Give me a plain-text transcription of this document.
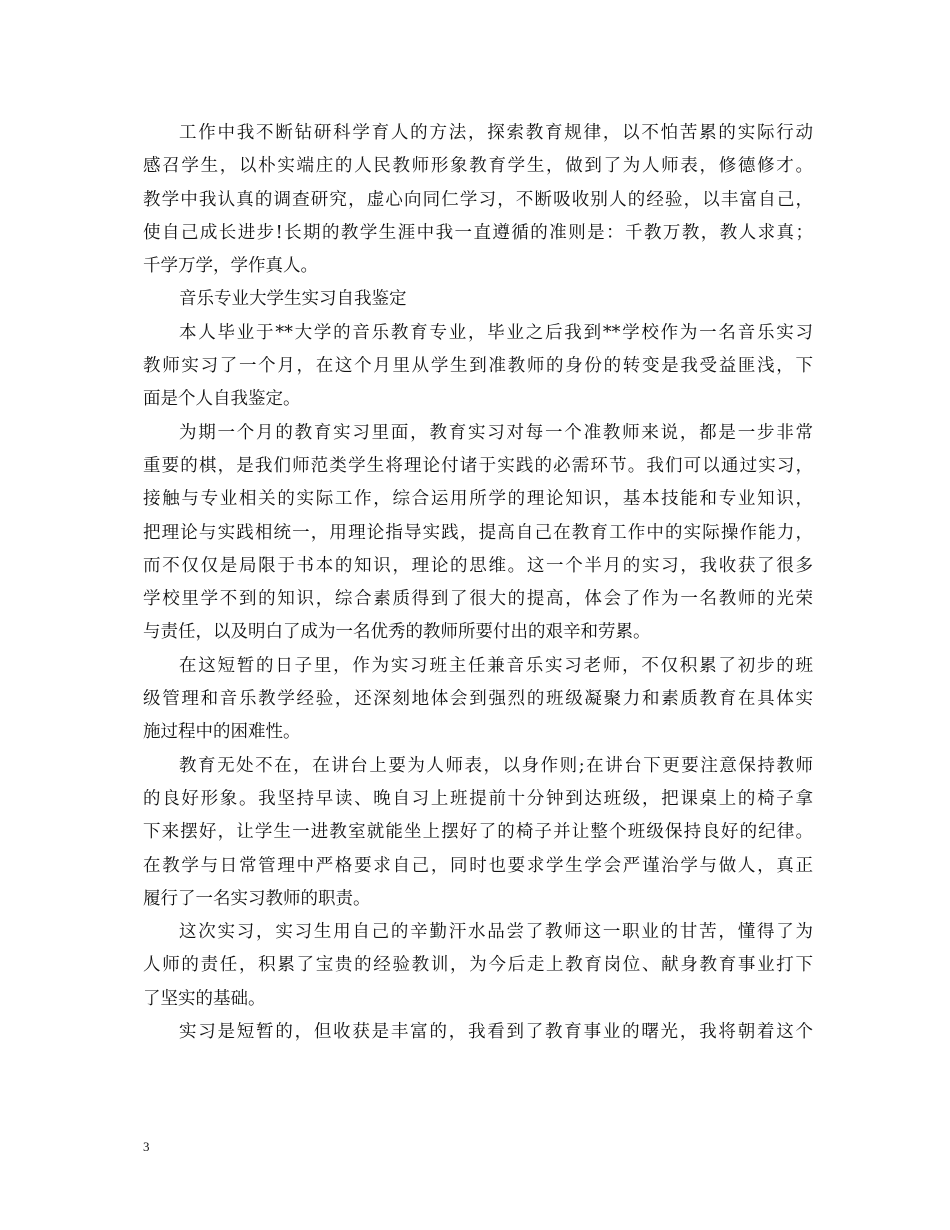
工作中我不断钻研科学育人的方法，探索教育规律，以不怕苦累的实际行动
感召学生，以朴实端庄的人民教师形象教育学生，做到了为人师表，修德修才。
教学中我认真的调查研究，虚心向同仁学习，不断吸收别人的经验，以丰富自己，
使自己成长进步!长期的教学生涯中我一直遵循的准则是：千教万教，教人求真；
千学万学，学作真人。
音乐专业大学生实习自我鉴定
本人毕业于**大学的音乐教育专业，毕业之后我到**学校作为一名音乐实习
教师实习了一个月，在这个月里从学生到准教师的身份的转变是我受益匪浅，下
面是个人自我鉴定。
为期一个月的教育实习里面，教育实习对每一个准教师来说，都是一步非常
重要的棋，是我们师范类学生将理论付诸于实践的必需环节。我们可以通过实习，
接触与专业相关的实际工作，综合运用所学的理论知识，基本技能和专业知识，
把理论与实践相统一，用理论指导实践，提高自己在教育工作中的实际操作能力，
而不仅仅是局限于书本的知识，理论的思维。这一个半月的实习，我收获了很多
学校里学不到的知识，综合素质得到了很大的提高，体会了作为一名教师的光荣
与责任，以及明白了成为一名优秀的教师所要付出的艰辛和劳累。
在这短暂的日子里，作为实习班主任兼音乐实习老师，不仅积累了初步的班
级管理和音乐教学经验，还深刻地体会到强烈的班级凝聚力和素质教育在具体实
施过程中的困难性。
教育无处不在，在讲台上要为人师表，以身作则;在讲台下更要注意保持教师
的良好形象。我坚持早读、晚自习上班提前十分钟到达班级，把课桌上的椅子拿
下来摆好，让学生一进教室就能坐上摆好了的椅子并让整个班级保持良好的纪律。
在教学与日常管理中严格要求自己，同时也要求学生学会严谨治学与做人，真正
履行了一名实习教师的职责。
这次实习，实习生用自己的辛勤汗水品尝了教师这一职业的甘苦，懂得了为
人师的责任，积累了宝贵的经验教训，为今后走上教育岗位、献身教育事业打下
了坚实的基础。
实习是短暂的，但收获是丰富的，我看到了教育事业的曙光，我将朝着这个
3
